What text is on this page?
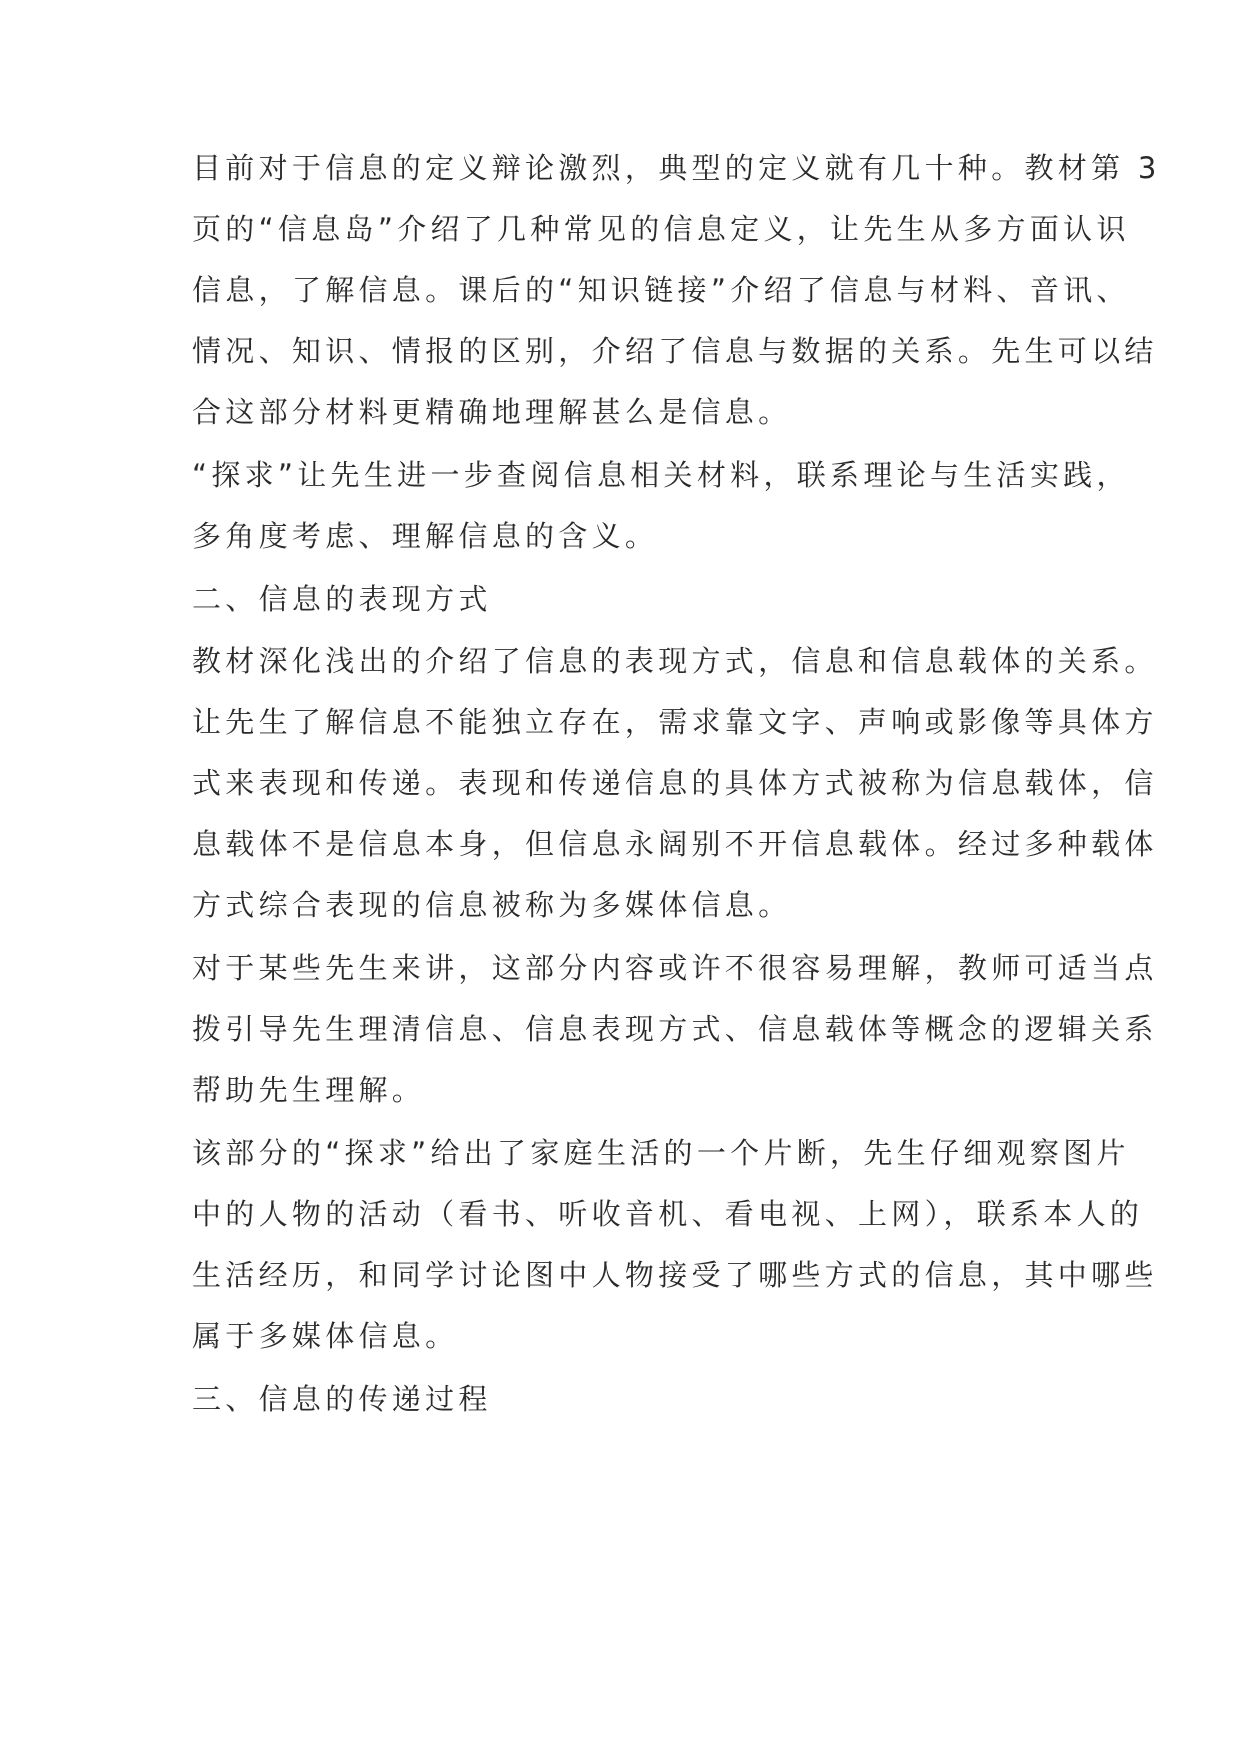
目前对于信息的定义辩论激烈，典型的定义就有几十种。教材第 3
页的“信息岛”介绍了几种常见的信息定义，让先生从多方面认识
信息，了解信息。课后的“知识链接”介绍了信息与材料、音讯、
情况、知识、情报的区别，介绍了信息与数据的关系。先生可以结
合这部分材料更精确地理解甚么是信息。
“探求”让先生进一步查阅信息相关材料，联系理论与生活实践，
多角度考虑、理解信息的含义。
二、信息的表现方式
教材深化浅出的介绍了信息的表现方式，信息和信息载体的关系。
让先生了解信息不能独立存在，需求靠文字、声响或影像等具体方
式来表现和传递。表现和传递信息的具体方式被称为信息载体，信
息载体不是信息本身，但信息永阔别不开信息载体。经过多种载体
方式综合表现的信息被称为多媒体信息。
对于某些先生来讲，这部分内容或许不很容易理解，教师可适当点
拨引导先生理清信息、信息表现方式、信息载体等概念的逻辑关系
帮助先生理解。
该部分的“探求”给出了家庭生活的一个片断，先生仔细观察图片
中的人物的活动（看书、听收音机、看电视、上网），联系本人的
生活经历，和同学讨论图中人物接受了哪些方式的信息，其中哪些
属于多媒体信息。
三、信息的传递过程
